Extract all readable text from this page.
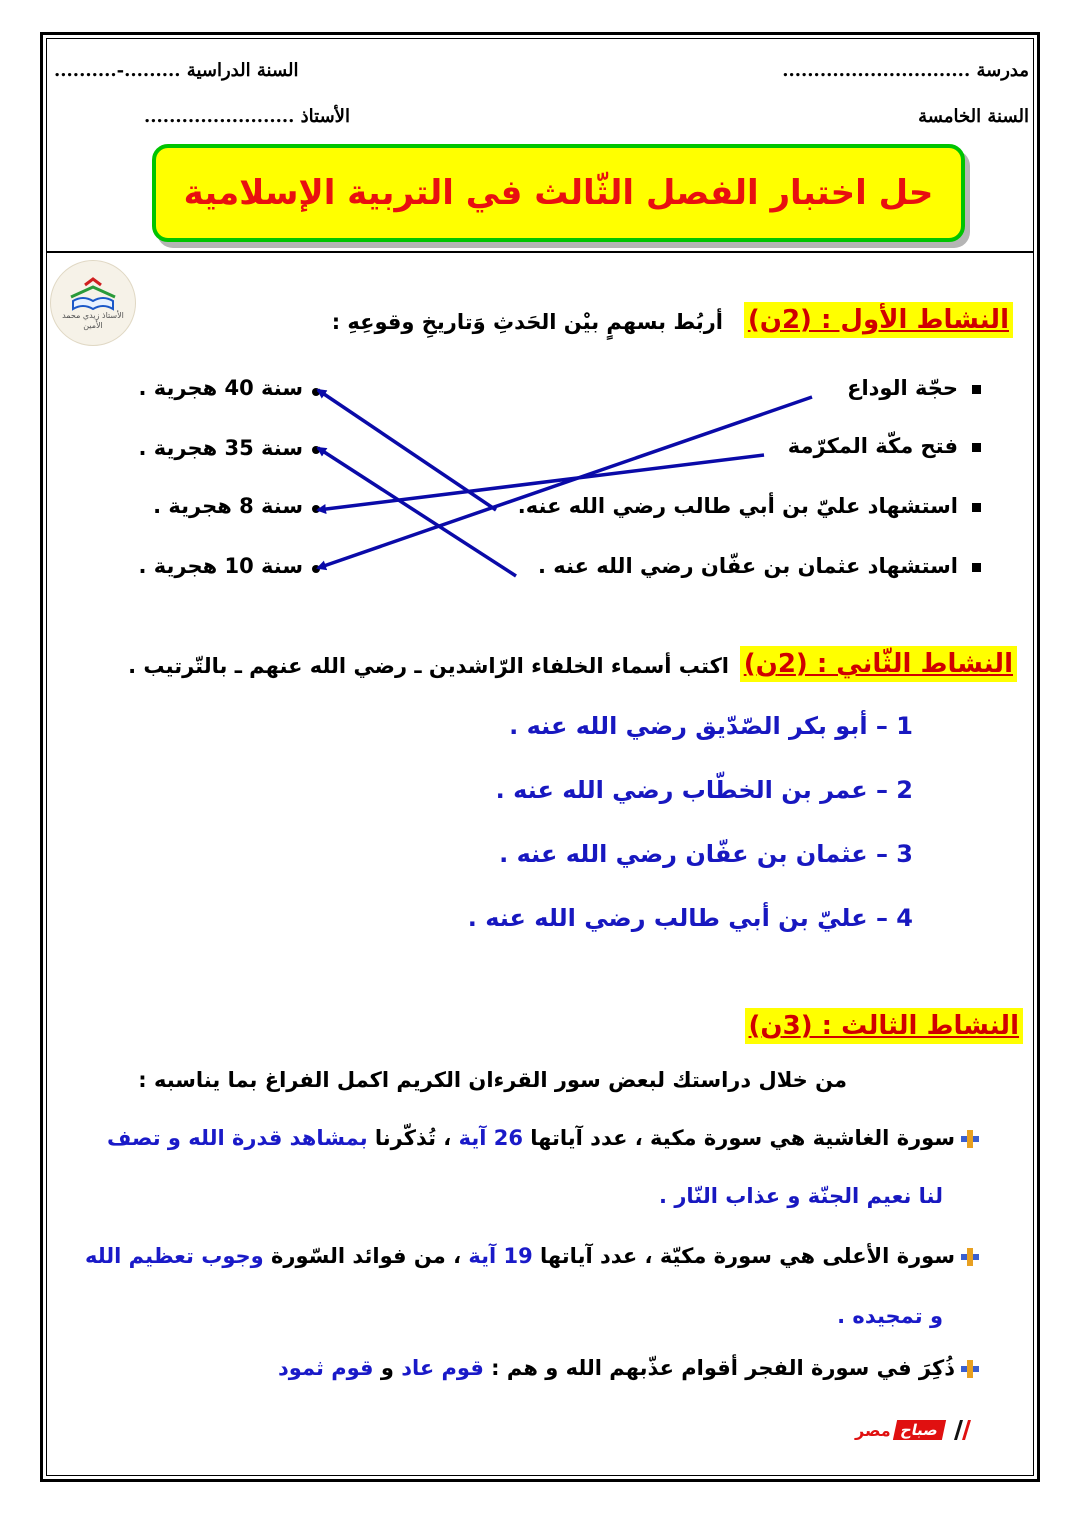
مدرسة ..............................
السنة الدراسية .........-..........
السنة الخامسة
الأستاذ ........................
حل اختبار الفصل الثّالث في التربية الإسلامية
الأستاذ زيدي محمد الأمين	النشاط الأول : (2ن)
أربُط بسهمٍ بيْن الحَدثِ وَتاريخِ وقوعِهِ :
حجّة الوداع
فتح مكّة المكرّمة
استشهاد عليّ بن أبي طالب رضي الله عنه.
استشهاد عثمان بن عفّان رضي الله عنه .
سنة 40 هجرية .
سنة 35 هجرية .
سنة 8 هجرية .
سنة 10 هجرية .
النشاط الثّاني : (2ن)
اكتب أسماء الخلفاء الرّاشدين ـ رضي الله عنهم ـ بالتّرتيب .
1 – أبو بكر الصّدّيق رضي الله عنه .
2 – عمر بن الخطّاب رضي الله عنه .
3 – عثمان بن عفّان رضي الله عنه .
4 – عليّ بن أبي طالب رضي الله عنه .
النشاط الثالث : (3ن)
من خلال دراستك لبعض سور القرءان الكريم اكمل الفراغ بما يناسبه :
سورة الغاشية هي سورة مكية ، عدد آياتها 26 آية ، تُذكّرنا بمشاهد قدرة الله و تصف
لنا نعيم الجنّة و عذاب النّار .
سورة الأعلى هي سورة مكيّة ، عدد آياتها 19 آية ، من فوائد السّورة وجوب تعظيم الله
و تمجيده .
ذُكِرَ في سورة الفجر أقوام عذّبهم الله و هم : قوم عاد و قوم ثمود
صباح
مصر
